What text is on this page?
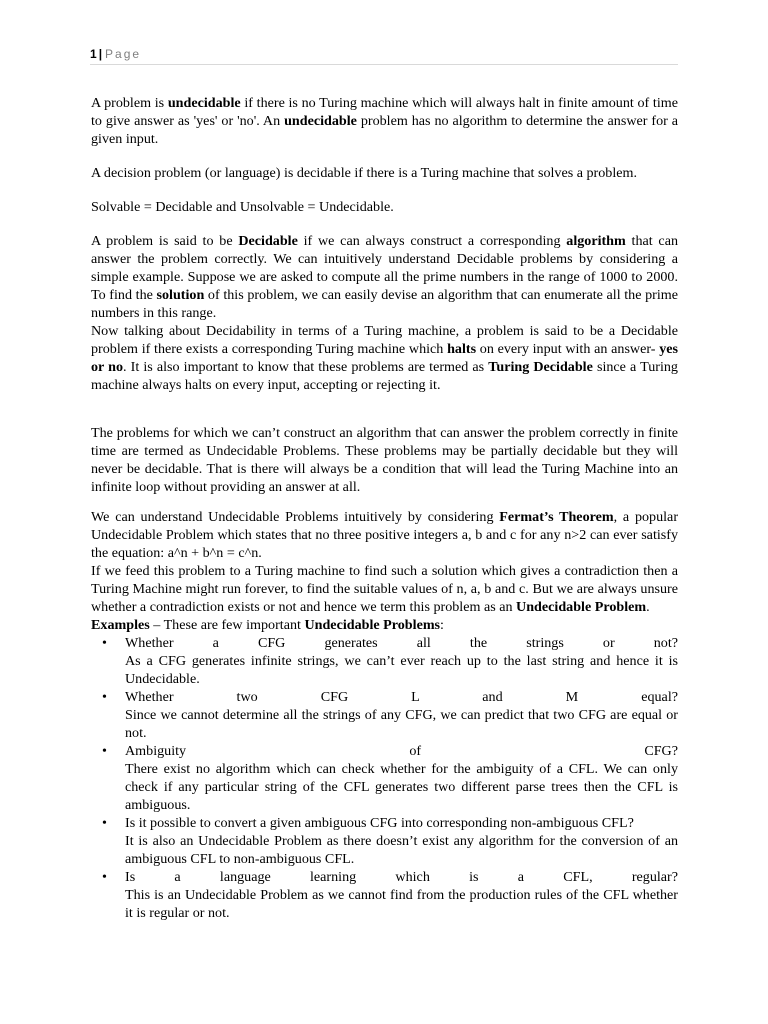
1 | Page

A problem is undecidable if there is no Turing machine which will always halt in finite amount of time to give answer as 'yes' or 'no'. An undecidable problem has no algorithm to determine the answer for a given input.

A decision problem (or language) is decidable if there is a Turing machine that solves a problem.

Solvable = Decidable and Unsolvable = Undecidable.

A problem is said to be Decidable if we can always construct a corresponding algorithm that can answer the problem correctly. We can intuitively understand Decidable problems by considering a simple example. Suppose we are asked to compute all the prime numbers in the range of 1000 to 2000. To find the solution of this problem, we can easily devise an algorithm that can enumerate all the prime numbers in this range.

Now talking about Decidability in terms of a Turing machine, a problem is said to be a Decidable problem if there exists a corresponding Turing machine which halts on every input with an answer- yes or no. It is also important to know that these problems are termed as Turing Decidable since a Turing machine always halts on every input, accepting or rejecting it.

The problems for which we can’t construct an algorithm that can answer the problem correctly in finite time are termed as Undecidable Problems. These problems may be partially decidable but they will never be decidable. That is there will always be a condition that will lead the Turing Machine into an infinite loop without providing an answer at all.

We can understand Undecidable Problems intuitively by considering Fermat’s Theorem, a popular Undecidable Problem which states that no three positive integers a, b and c for any n>2 can ever satisfy the equation: a^n + b^n = c^n.

If we feed this problem to a Turing machine to find such a solution which gives a contradiction then a Turing Machine might run forever, to find the suitable values of n, a, b and c. But we are always unsure whether a contradiction exists or not and hence we term this problem as an Undecidable Problem.

Examples – These are few important Undecidable Problems:

• Whether a CFG generates all the strings or not?
As a CFG generates infinite strings, we can’t ever reach up to the last string and hence it is Undecidable.
• Whether two CFG L and M equal?
Since we cannot determine all the strings of any CFG, we can predict that two CFG are equal or not.
• Ambiguity of CFG?
There exist no algorithm which can check whether for the ambiguity of a CFL. We can only check if any particular string of the CFL generates two different parse trees then the CFL is ambiguous.
• Is it possible to convert a given ambiguous CFG into corresponding non-ambiguous CFL?
It is also an Undecidable Problem as there doesn’t exist any algorithm for the conversion of an ambiguous CFL to non-ambiguous CFL.
• Is a language learning which is a CFL, regular?
This is an Undecidable Problem as we cannot find from the production rules of the CFL whether it is regular or not.
